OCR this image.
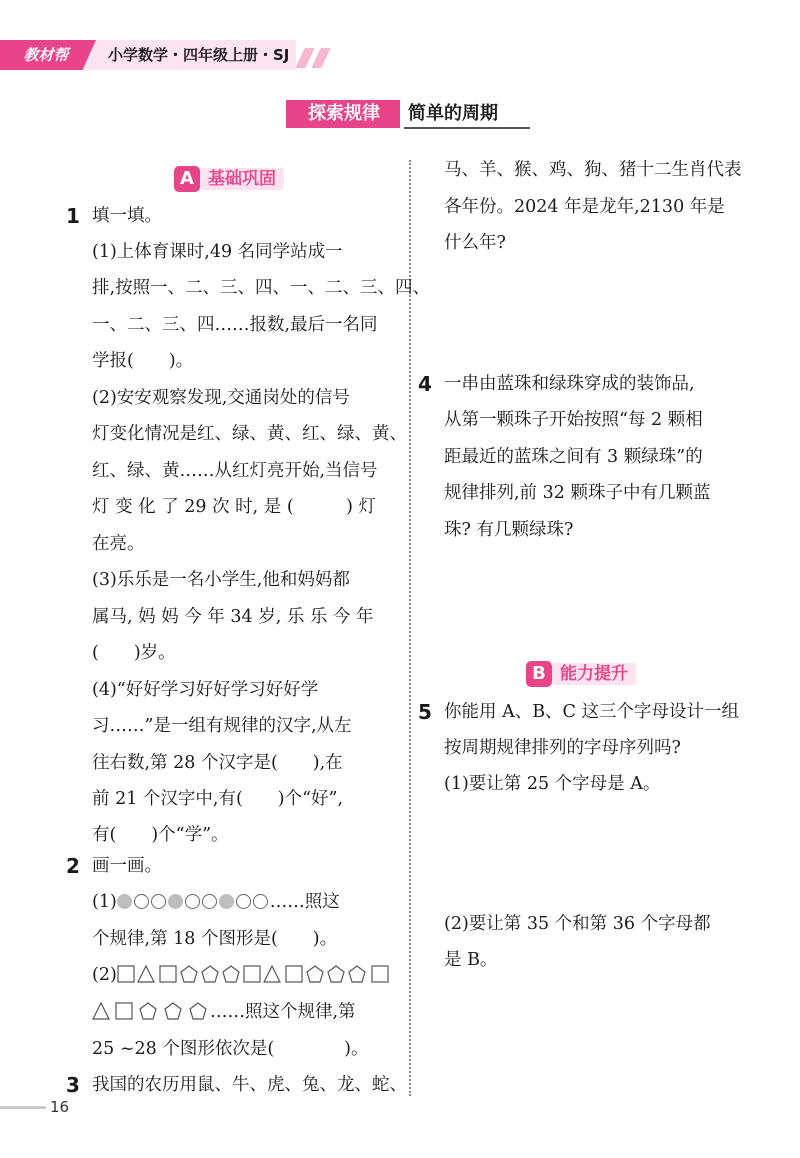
教材帮	小学数学・四年级上册・SJ
探索规律	简单的周期
A 基础巩固
1 填一填。
(1)上体育课时,49 名同学站成一
排,按照一、二、三、四、一、二、三、四、
一、二、三、四……报数,最后一名同
学报(　　)。
(2)安安观察发现,交通岗处的信号
灯变化情况是红、绿、黄、红、绿、黄、
红、绿、黄……从红灯亮开始,当信号
灯 变 化 了 29 次 时, 是 (　　　) 灯
在亮。
(3)乐乐是一名小学生,他和妈妈都
属马, 妈 妈 今 年 34 岁, 乐 乐 今 年
(　　)岁。
(4)“好好学习好好学习好好学
习……”是一组有规律的汉字,从左
往右数,第 28 个汉字是(　　),在
前 21 个汉字中,有(　　)个“好”,
有(　　)个“学”。
2 画一画。
(1)	……照这
个规律,第 18 个图形是(　　)。
(2)
……照这个规律,第
25 ~28 个图形依次是(　　　　)。
3 我国的农历用鼠、牛、虎、兔、龙、蛇、
马、羊、猴、鸡、狗、猪十二生肖代表
各年份。2024 年是龙年,2130 年是
什么年?
4 一串由蓝珠和绿珠穿成的装饰品,
从第一颗珠子开始按照“每 2 颗相
距最近的蓝珠之间有 3 颗绿珠”的
规律排列,前 32 颗珠子中有几颗蓝
珠? 有几颗绿珠?
B 能力提升
5 你能用 A、B、C 这三个字母设计一组
按周期规律排列的字母序列吗?
(1)要让第 25 个字母是 A。
(2)要让第 35 个和第 36 个字母都
是 B。
16
